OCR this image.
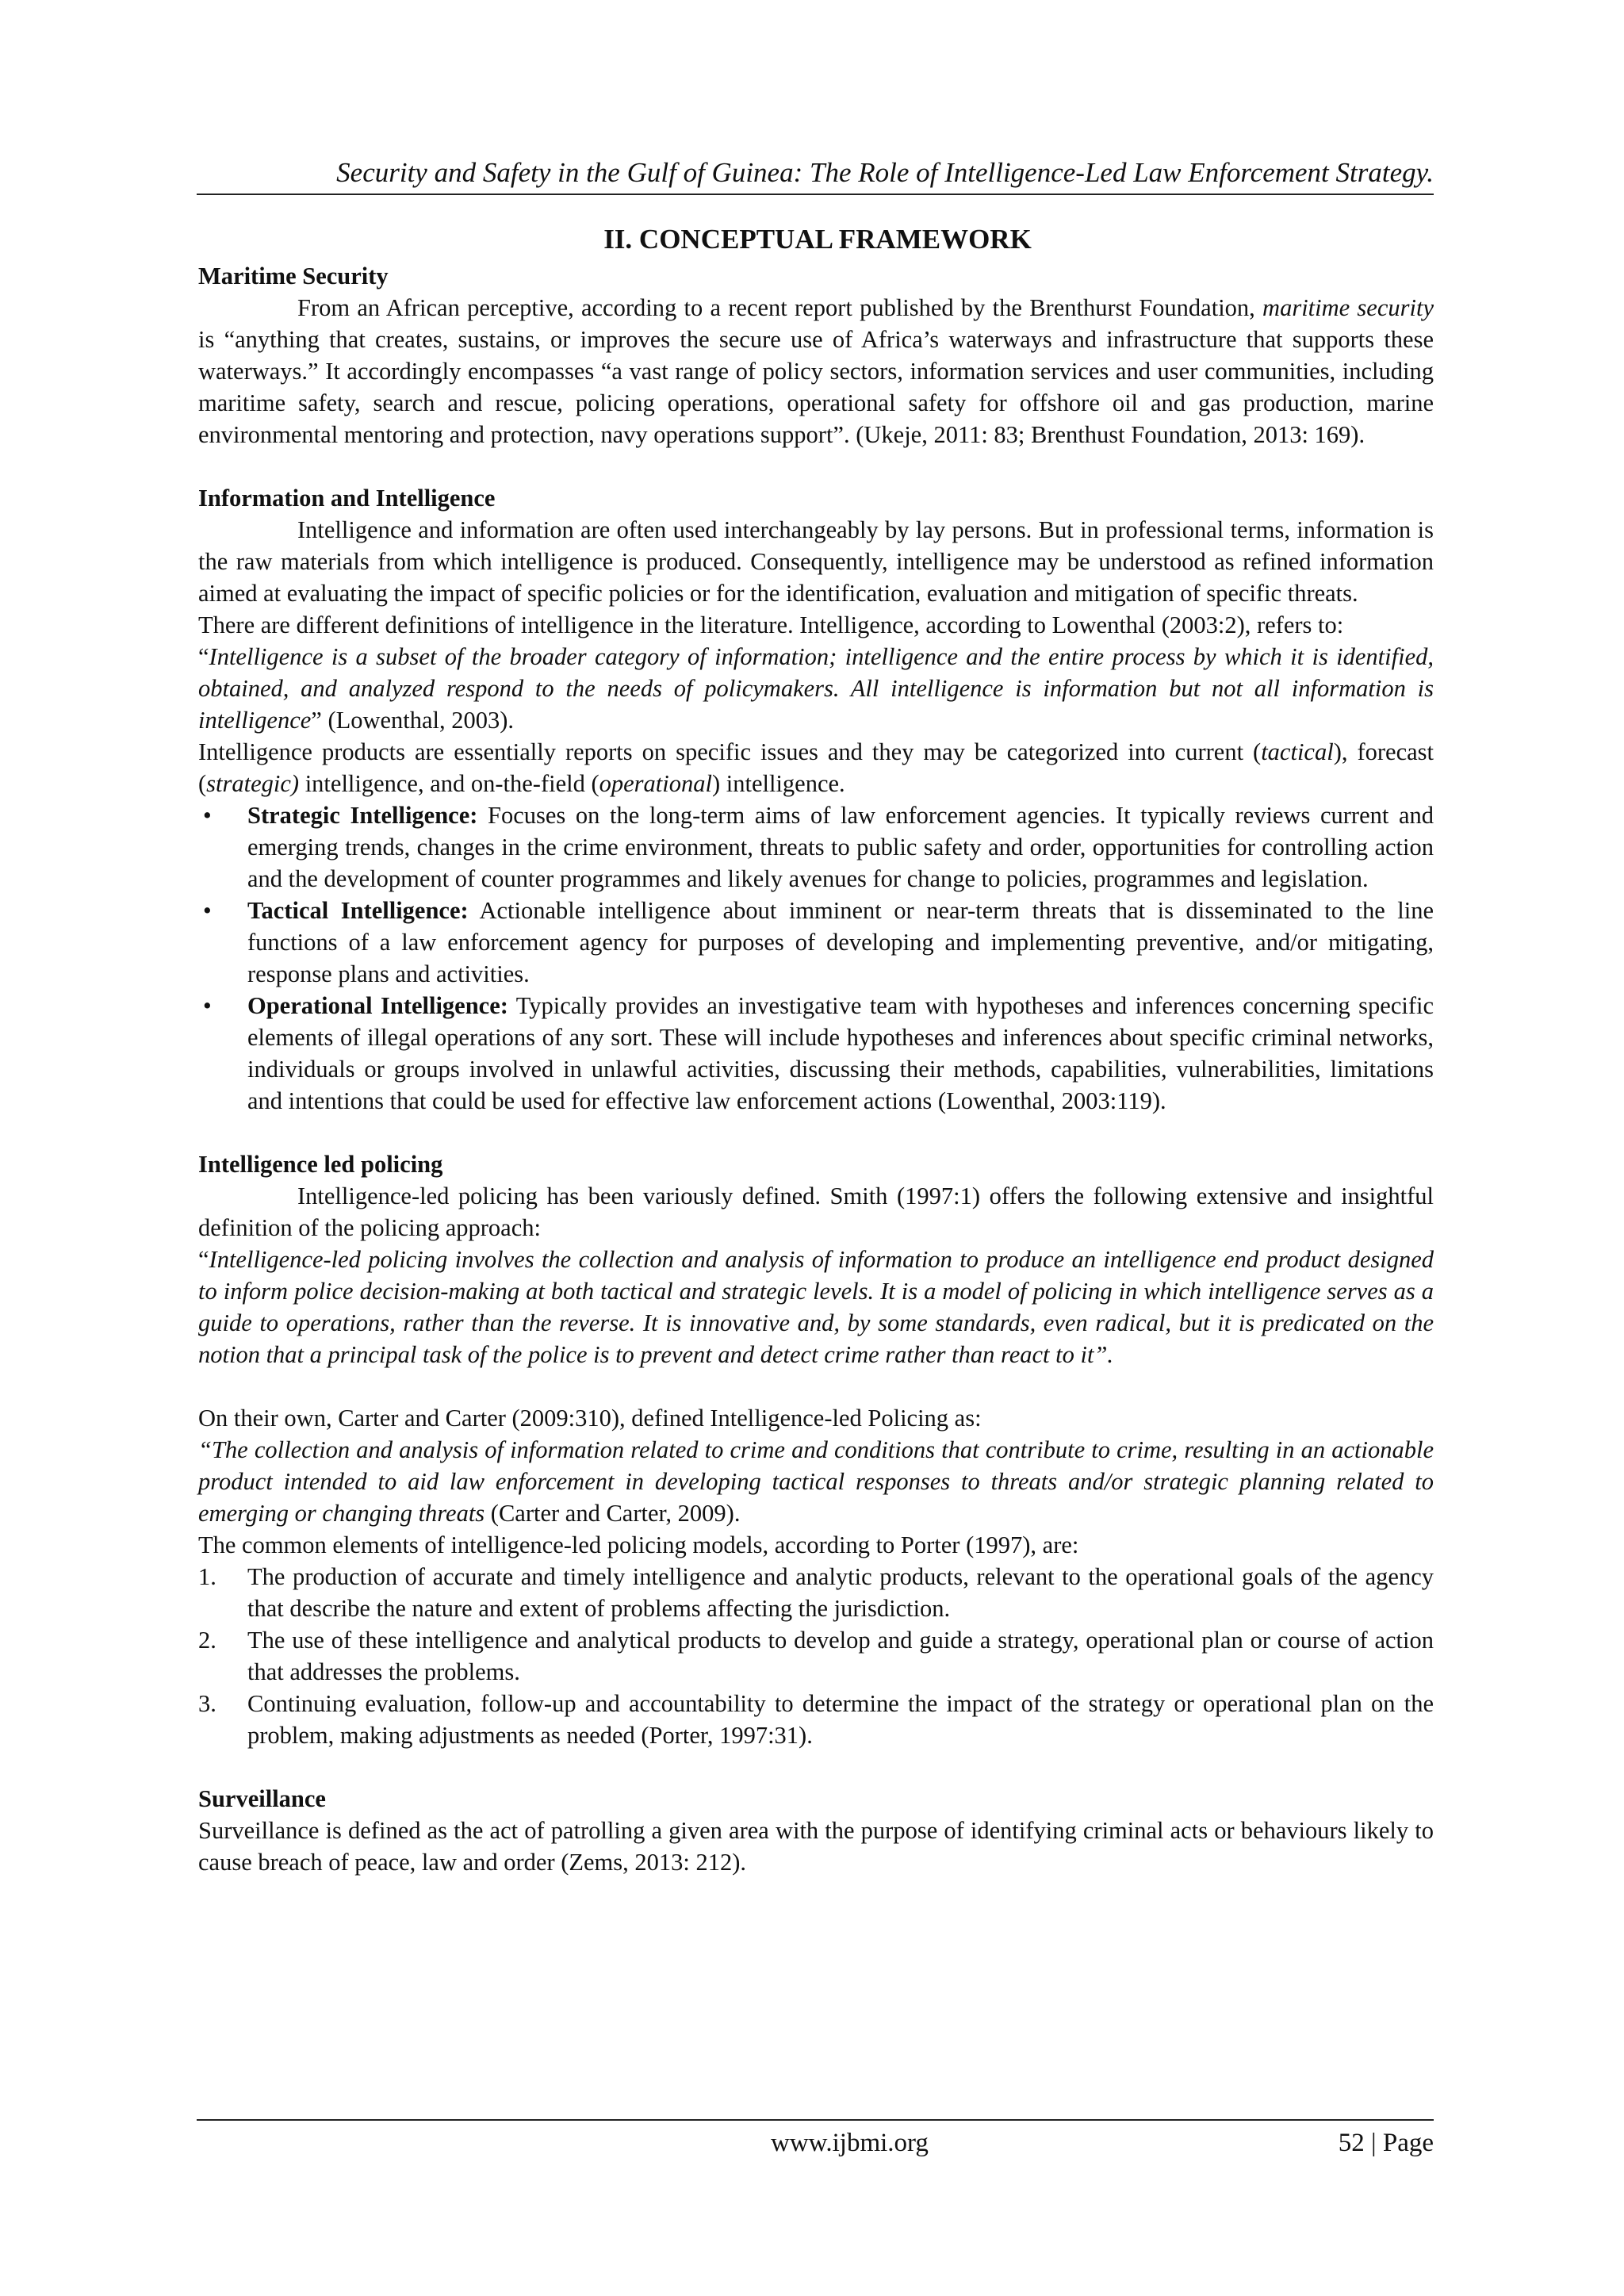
Security and Safety in the Gulf of Guinea: The Role of Intelligence-Led Law Enforcement Strategy.
II. CONCEPTUAL FRAMEWORK

Maritime Security

From an African perceptive, according to a recent report published by the Brenthurst Foundation, maritime security is “anything that creates, sustains, or improves the secure use of Africa’s waterways and infrastructure that supports these waterways.” It accordingly encompasses “a vast range of policy sectors, information services and user communities, including maritime safety, search and rescue, policing operations, operational safety for offshore oil and gas production, marine environmental mentoring and protection, navy operations support”. (Ukeje, 2011: 83; Brenthust Foundation, 2013: 169).

Information and Intelligence

Intelligence and information are often used interchangeably by lay persons. But in professional terms, information is the raw materials from which intelligence is produced. Consequently, intelligence may be understood as refined information aimed at evaluating the impact of specific policies or for the identification, evaluation and mitigation of specific threats.

There are different definitions of intelligence in the literature. Intelligence, according to Lowenthal (2003:2), refers to:

“Intelligence is a subset of the broader category of information; intelligence and the entire process by which it is identified, obtained, and analyzed respond to the needs of policymakers. All intelligence is information but not all information is intelligence” (Lowenthal, 2003).

Intelligence products are essentially reports on specific issues and they may be categorized into current (tactical), forecast (strategic) intelligence, and on-the-field (operational) intelligence.

• Strategic Intelligence: Focuses on the long-term aims of law enforcement agencies. It typically reviews current and emerging trends, changes in the crime environment, threats to public safety and order, opportunities for controlling action and the development of counter programmes and likely avenues for change to policies, programmes and legislation.
• Tactical Intelligence: Actionable intelligence about imminent or near-term threats that is disseminated to the line functions of a law enforcement agency for purposes of developing and implementing preventive, and/or mitigating, response plans and activities.
• Operational Intelligence: Typically provides an investigative team with hypotheses and inferences concerning specific elements of illegal operations of any sort. These will include hypotheses and inferences about specific criminal networks, individuals or groups involved in unlawful activities, discussing their methods, capabilities, vulnerabilities, limitations and intentions that could be used for effective law enforcement actions (Lowenthal, 2003:119).

Intelligence led policing

Intelligence-led policing has been variously defined. Smith (1997:1) offers the following extensive and insightful definition of the policing approach:

“Intelligence-led policing involves the collection and analysis of information to produce an intelligence end product designed to inform police decision-making at both tactical and strategic levels. It is a model of policing in which intelligence serves as a guide to operations, rather than the reverse. It is innovative and, by some standards, even radical, but it is predicated on the notion that a principal task of the police is to prevent and detect crime rather than react to it”.

On their own, Carter and Carter (2009:310), defined Intelligence-led Policing as:

“The collection and analysis of information related to crime and conditions that contribute to crime, resulting in an actionable product intended to aid law enforcement in developing tactical responses to threats and/or strategic planning related to emerging or changing threats (Carter and Carter, 2009).

The common elements of intelligence-led policing models, according to Porter (1997), are:

1. The production of accurate and timely intelligence and analytic products, relevant to the operational goals of the agency that describe the nature and extent of problems affecting the jurisdiction.
2. The use of these intelligence and analytical products to develop and guide a strategy, operational plan or course of action that addresses the problems.
3. Continuing evaluation, follow-up and accountability to determine the impact of the strategy or operational plan on the problem, making adjustments as needed (Porter, 1997:31).

Surveillance

Surveillance is defined as the act of patrolling a given area with the purpose of identifying criminal acts or behaviours likely to cause breach of peace, law and order (Zems, 2013: 212).

www.ijbmi.org	52 | Page
